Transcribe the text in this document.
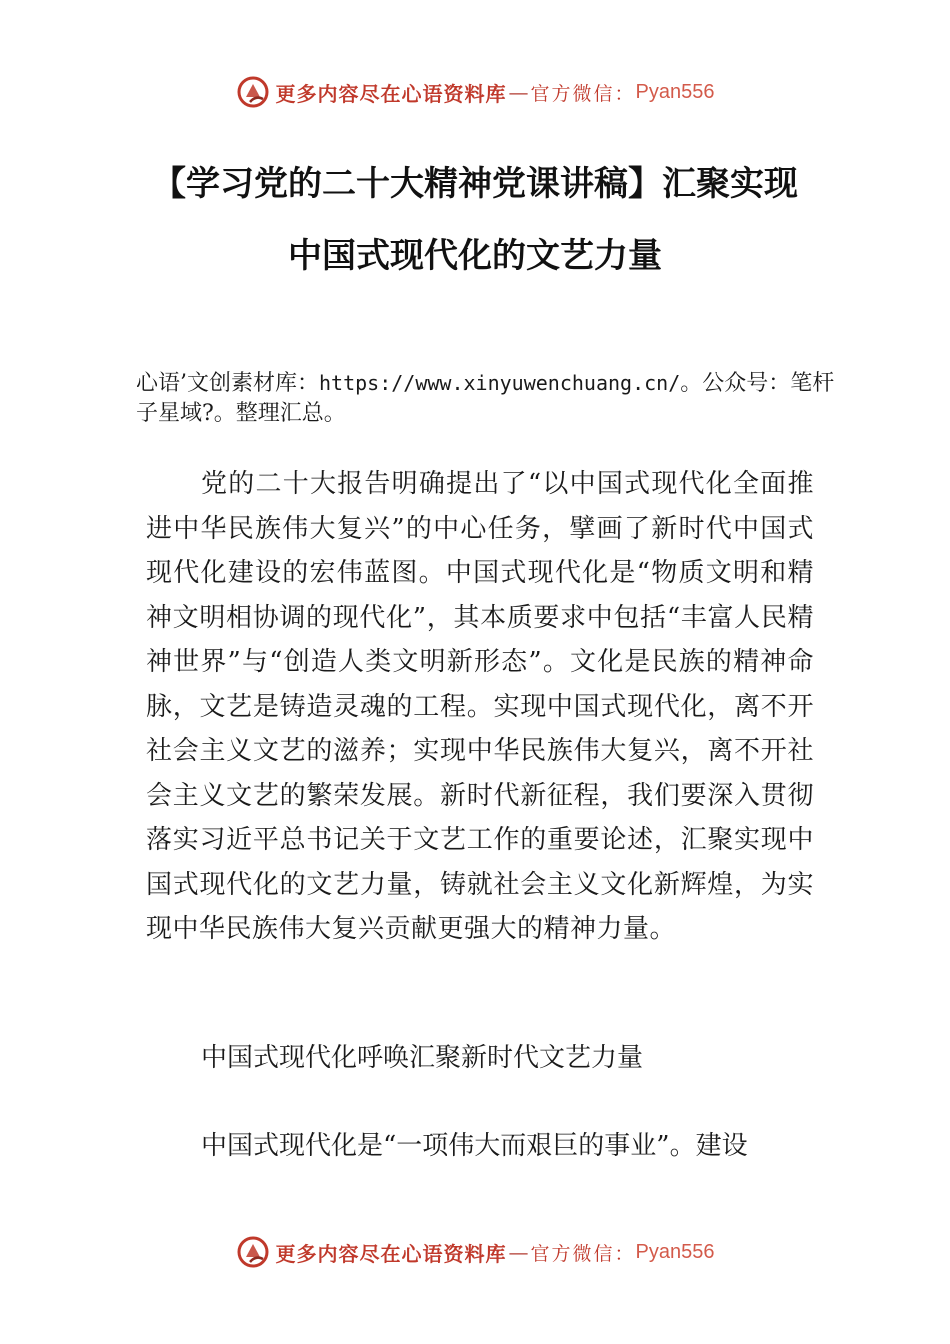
更多内容尽在心语资料库 — 官方微信： Pyan556
【学习党的二十大精神党课讲稿】汇聚实现
中国式现代化的文艺力量
心语’文创素材库：https://www.xinyuwenchuang.cn/。公众号：笔杆子星域?。整理汇总。
党的二十大报告明确提出了“以中国式现代化全面推进中华民族伟大复兴”的中心任务，擘画了新时代中国式现代化建设的宏伟蓝图。中国式现代化是“物质文明和精神文明相协调的现代化”，其本质要求中包括“丰富人民精神世界”与“创造人类文明新形态”。文化是民族的精神命脉，文艺是铸造灵魂的工程。实现中国式现代化，离不开社会主义文艺的滋养；实现中华民族伟大复兴，离不开社会主义文艺的繁荣发展。新时代新征程，我们要深入贯彻落实习近平总书记关于文艺工作的重要论述，汇聚实现中国式现代化的文艺力量，铸就社会主义文化新辉煌，为实现中华民族伟大复兴贡献更强大的精神力量。
中国式现代化呼唤汇聚新时代文艺力量
中国式现代化是“一项伟大而艰巨的事业”。建设
更多内容尽在心语资料库 — 官方微信： Pyan556
